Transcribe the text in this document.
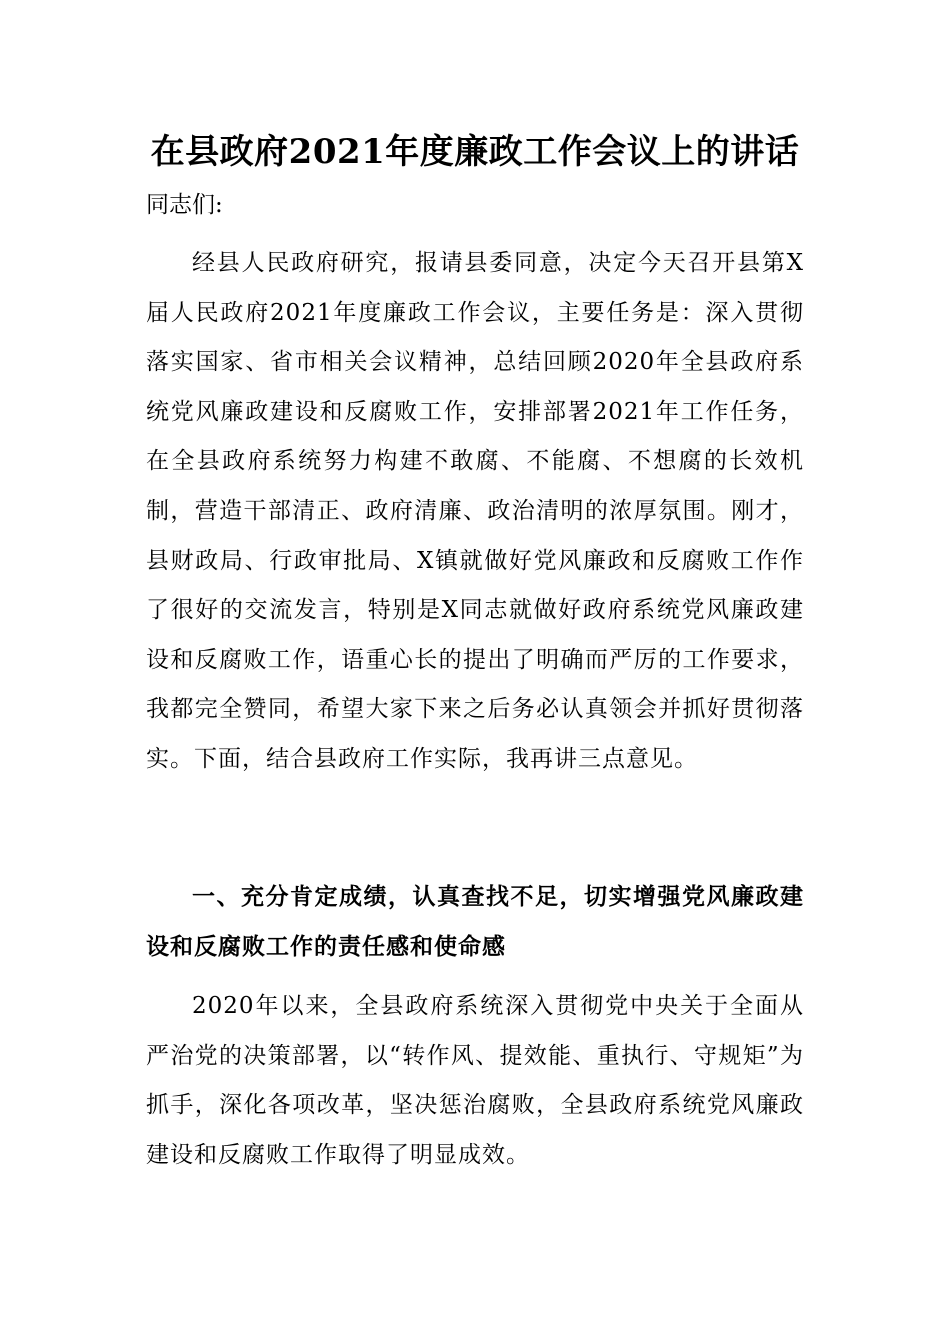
在县政府2021年度廉政工作会议上的讲话
同志们:

经县人民政府研究，报请县委同意，决定今天召开县第X届人民政府2021年度廉政工作会议，主要任务是：深入贯彻落实国家、省市相关会议精神，总结回顾2020年全县政府系统党风廉政建设和反腐败工作，安排部署2021年工作任务，在全县政府系统努力构建不敢腐、不能腐、不想腐的长效机制，营造干部清正、政府清廉、政治清明的浓厚氛围。刚才，县财政局、行政审批局、X镇就做好党风廉政和反腐败工作作了很好的交流发言，特别是X同志就做好政府系统党风廉政建设和反腐败工作，语重心长的提出了明确而严厉的工作要求，我都完全赞同，希望大家下来之后务必认真领会并抓好贯彻落实。下面，结合县政府工作实际，我再讲三点意见。

一、充分肯定成绩，认真查找不足，切实增强党风廉政建设和反腐败工作的责任感和使命感

2020年以来，全县政府系统深入贯彻党中央关于全面从严治党的决策部署，以“转作风、提效能、重执行、守规矩”为抓手，深化各项改革，坚决惩治腐败，全县政府系统党风廉政建设和反腐败工作取得了明显成效。
